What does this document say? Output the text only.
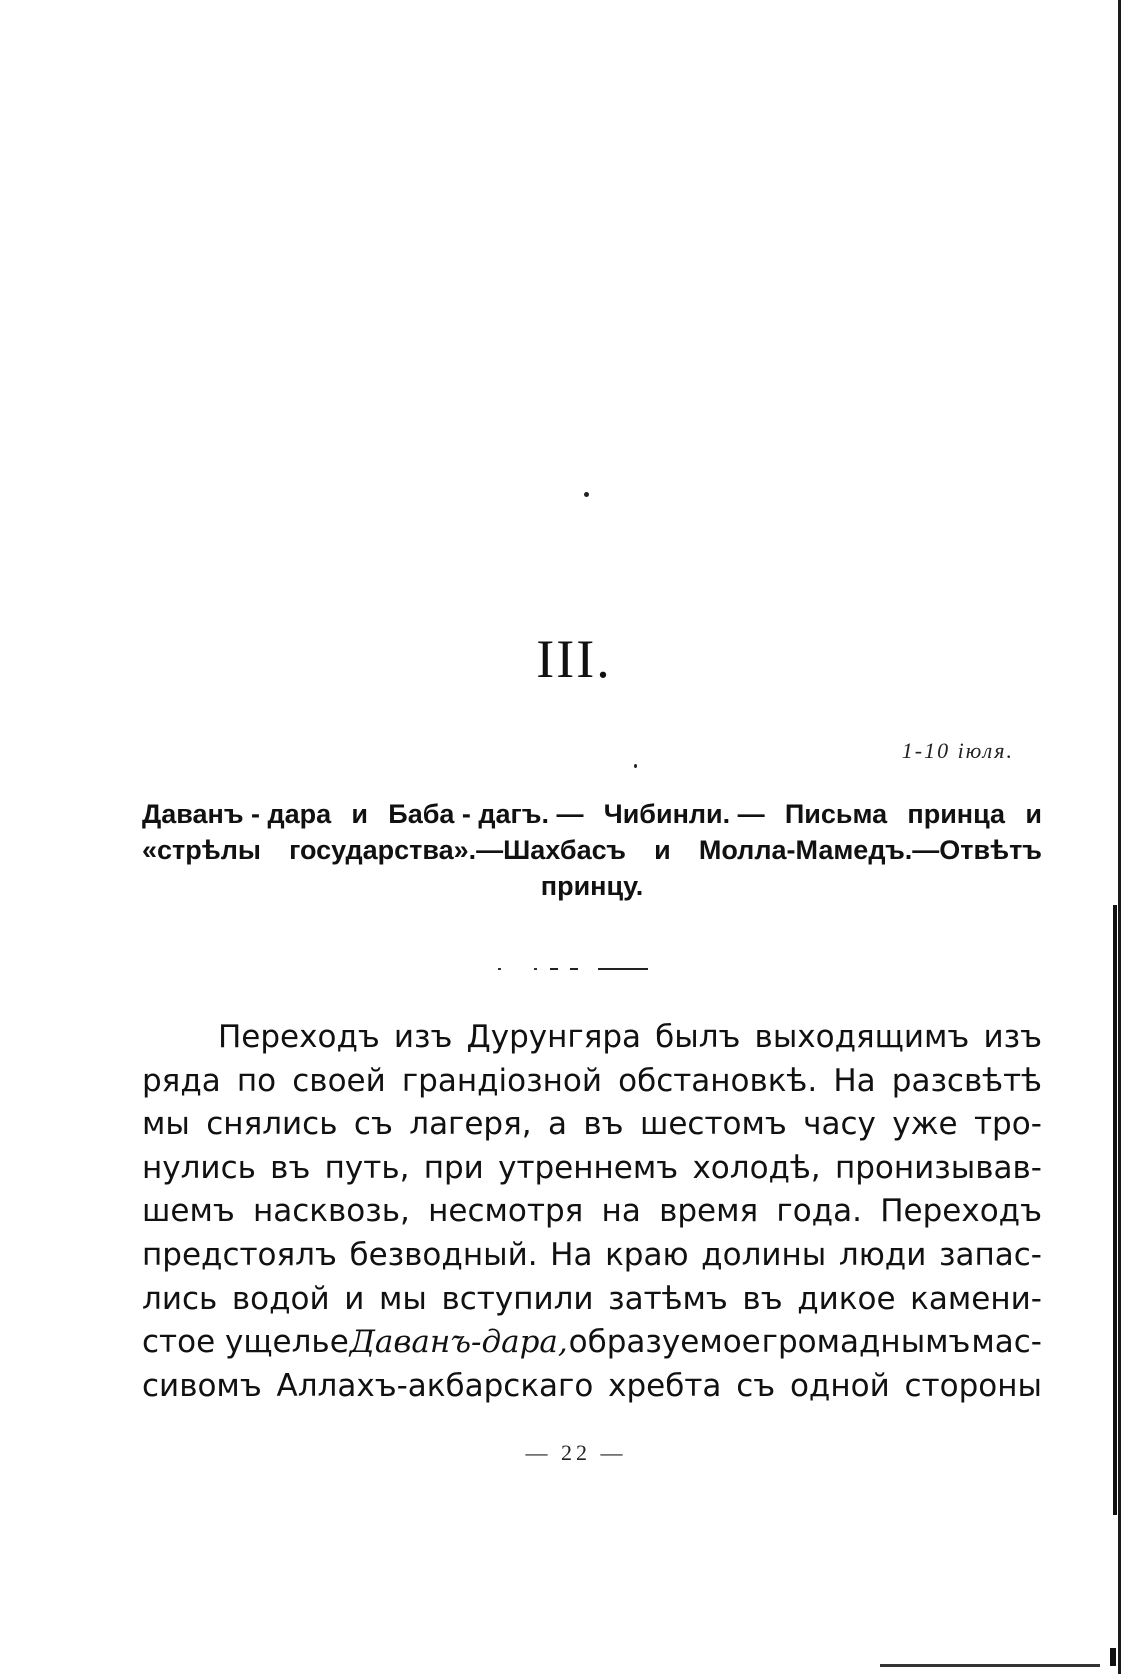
III.
1-10 іюля.
Даванъ - дара и Баба - дагъ. — Чибинли. — Письма принца и
«стрѣлы государства».—Шахбасъ и Молла-Мамедъ.—Отвѣтъ
принцу.
Переходъ изъ Дурунгяра былъ выходящимъ изъ
ряда по своей грандіозной обстановкѣ. На разсвѣтѣ
мы снялись съ лагеря, а въ шестомъ часу уже тро-
нулись въ путь, при утреннемъ холодѣ, пронизывав-
шемъ насквозь, несмотря на время года. Переходъ
предстоялъ безводный. На краю долины люди запас-
лись водой и мы вступили затѣмъ въ дикое камени-
стое ущелье Даванъ-дара, образуемое громаднымъ мас-
сивомъ Аллахъ-акбарскаго хребта съ одной стороны
— 22 —
